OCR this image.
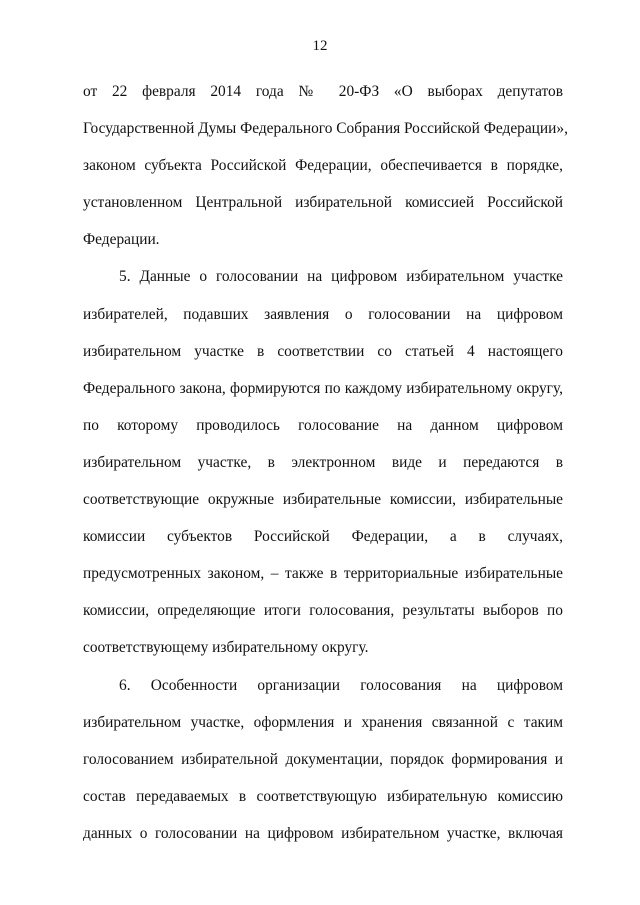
12
от 22 февраля 2014 года № 20-ФЗ «О выборах депутатов
Государственной Думы Федерального Собрания Российской Федерации»,
законом субъекта Российской Федерации, обеспечивается в порядке,
установленном Центральной избирательной комиссией Российской
Федерации.
5. Данные о голосовании на цифровом избирательном участке
избирателей, подавших заявления о голосовании на цифровом
избирательном участке в соответствии со статьей 4 настоящего
Федерального закона, формируются по каждому избирательному округу,
по которому проводилось голосование на данном цифровом
избирательном участке, в электронном виде и передаются в
соответствующие окружные избирательные комиссии, избирательные
комиссии субъектов Российской Федерации, а в случаях,
предусмотренных законом, – также в территориальные избирательные
комиссии, определяющие итоги голосования, результаты выборов по
соответствующему избирательному округу.
6. Особенности организации голосования на цифровом
избирательном участке, оформления и хранения связанной с таким
голосованием избирательной документации, порядок формирования и
состав передаваемых в соответствующую избирательную комиссию
данных о голосовании на цифровом избирательном участке, включая
